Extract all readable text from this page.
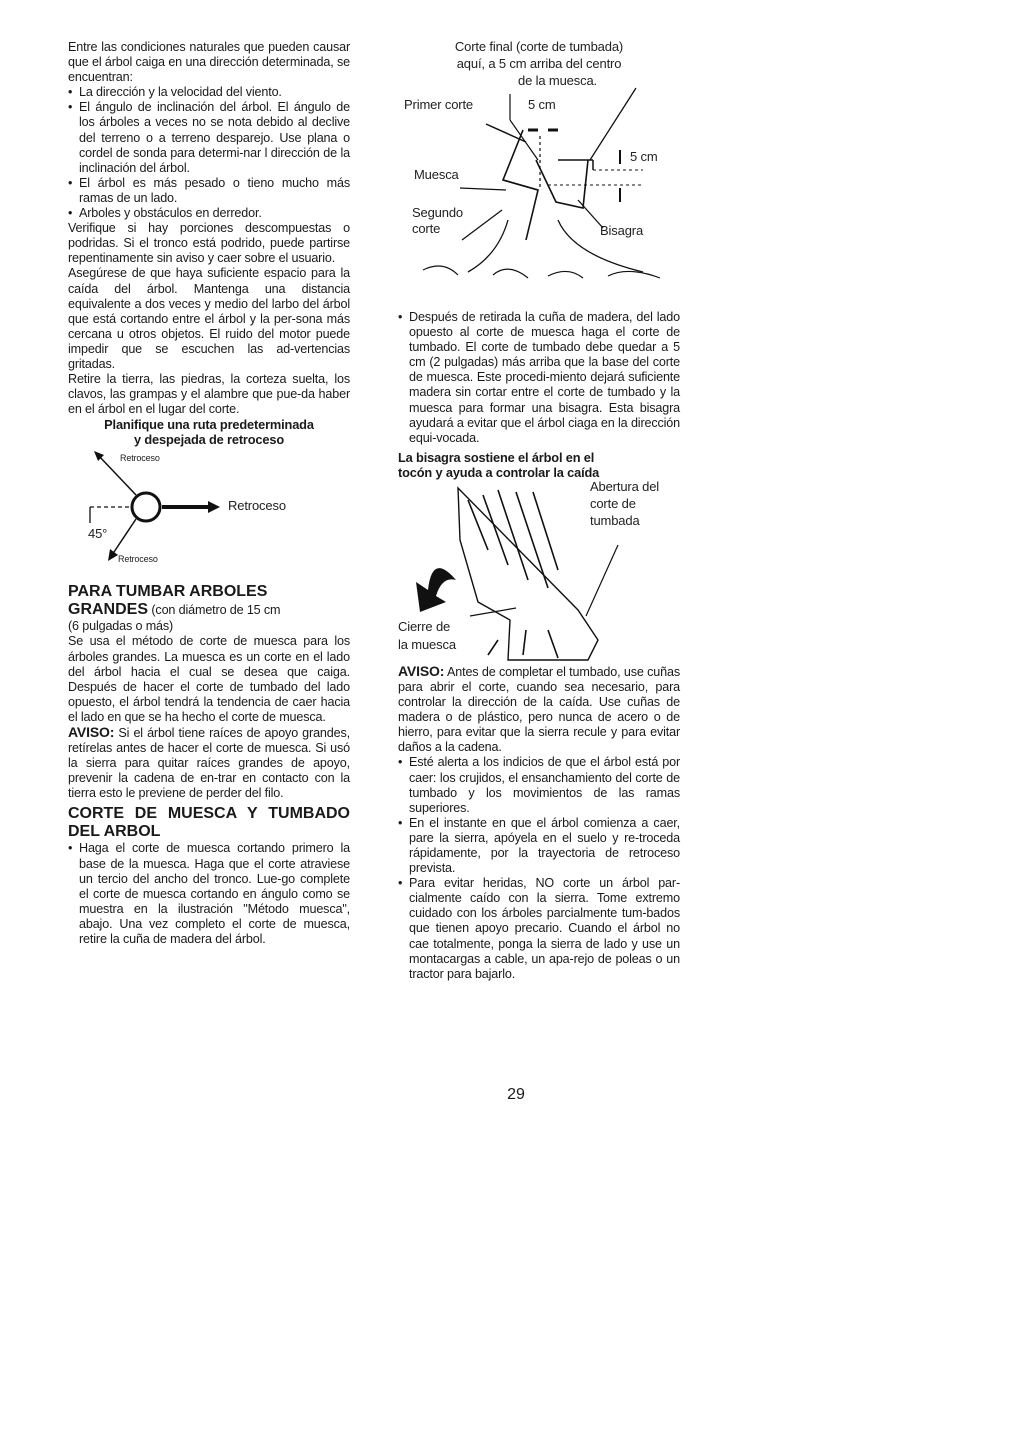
Entre las condiciones naturales que pueden causar que el árbol caiga en una dirección determinada, se encuentran:

• La dirección y la velocidad del viento.
• El ángulo de inclinación del árbol. El ángulo de los árboles a veces no se nota debido al declive del terreno o a terreno desparejo. Use plana o cordel de sonda para determi-nar l dirección de la inclinación del árbol.
• El árbol es más pesado o tieno mucho más ramas de un lado.
• Arboles y obstáculos en derredor.

Verifique si hay porciones descompuestas o podridas. Si el tronco está podrido, puede partirse repentinamente sin aviso y caer sobre el usuario.

Asegúrese de que haya suficiente espacio para la caída del árbol. Mantenga una distancia equivalente a dos veces y medio del larbo del árbol que está cortando entre el árbol y la per-sona más cercana u otros objetos. El ruido del motor puede impedir que se escuchen las ad-vertencias gritadas.

Retire la tierra, las piedras, la corteza suelta, los clavos, las grampas y el alambre que pue-da haber en el árbol en el lugar del corte.

Planifique una ruta predeterminada

y despejada de retroceso

Retroceso
Retroceso
Retroceso
45°

PARA TUMBAR ARBOLES

GRANDES (con diámetro de 15 cm

(6 pulgadas o más)

Se usa el método de corte de muesca para los árboles grandes. La muesca es un corte en el lado del árbol hacia el cual se desea que caiga. Después de hacer el corte de tumbado del lado opuesto, el árbol tendrá la tendencia de caer hacia el lado en que se ha hecho el corte de muesca.

AVISO: Si el árbol tiene raíces de apoyo grandes, retírelas antes de hacer el corte de muesca. Si usó la sierra para quitar raíces grandes de apoyo, prevenir la cadena de en-trar en contacto con la tierra esto le previene de perder del filo.

CORTE DE MUESCA Y TUMBADO DEL ARBOL

• Haga el corte de muesca cortando primero la base de la muesca. Haga que el corte atraviese un tercio del ancho del tronco. Lue-go complete el corte de muesca cortando en ángulo como se muestra en la ilustración "Método muesca", abajo. Una vez completo el corte de muesca, retire la cuña de madera del árbol.
Corte final (corte de tumbada)
aquí, a 5 cm arriba del centro
de la muesca.
Primer corte	5 cm
5 cm
Muesca
Segundo
corte	Bisagra
• Después de retirada la cuña de madera, del lado opuesto al corte de muesca haga el corte de tumbado. El corte de tumbado debe quedar a 5 cm (2 pulgadas) más arriba que la base del corte de muesca. Este procedi-miento dejará suficiente madera sin cortar entre el corte de tumbado y la muesca para formar una bisagra. Esta bisagra ayudará a evitar que el árbol ciaga en la dirección equi-vocada.

La bisagra sostiene el árbol en el

tocón y ayuda a controlar la caída

Abertura del
corte de
tumbada
Cierre de
la muesca

AVISO: Antes de completar el tumbado, use cuñas para abrir el corte, cuando sea necesario, para controlar la dirección de la caída. Use cuñas de madera o de plástico, pero nunca de acero o de hierro, para evitar que la sierra recule y para evitar daños a la cadena.

• Esté alerta a los indicios de que el árbol está por caer: los crujidos, el ensanchamiento del corte de tumbado y los movimientos de las ramas superiores.
• En el instante en que el árbol comienza a caer, pare la sierra, apóyela en el suelo y re-troceda rápidamente, por la trayectoria de retroceso prevista.
• Para evitar heridas, NO corte un árbol par-cialmente caído con la sierra. Tome extremo cuidado con los árboles parcialmente tum-bados que tienen apoyo precario. Cuando el árbol no cae totalmente, ponga la sierra de lado y use un montacargas a cable, un apa-rejo de poleas o un tractor para bajarlo.
29
